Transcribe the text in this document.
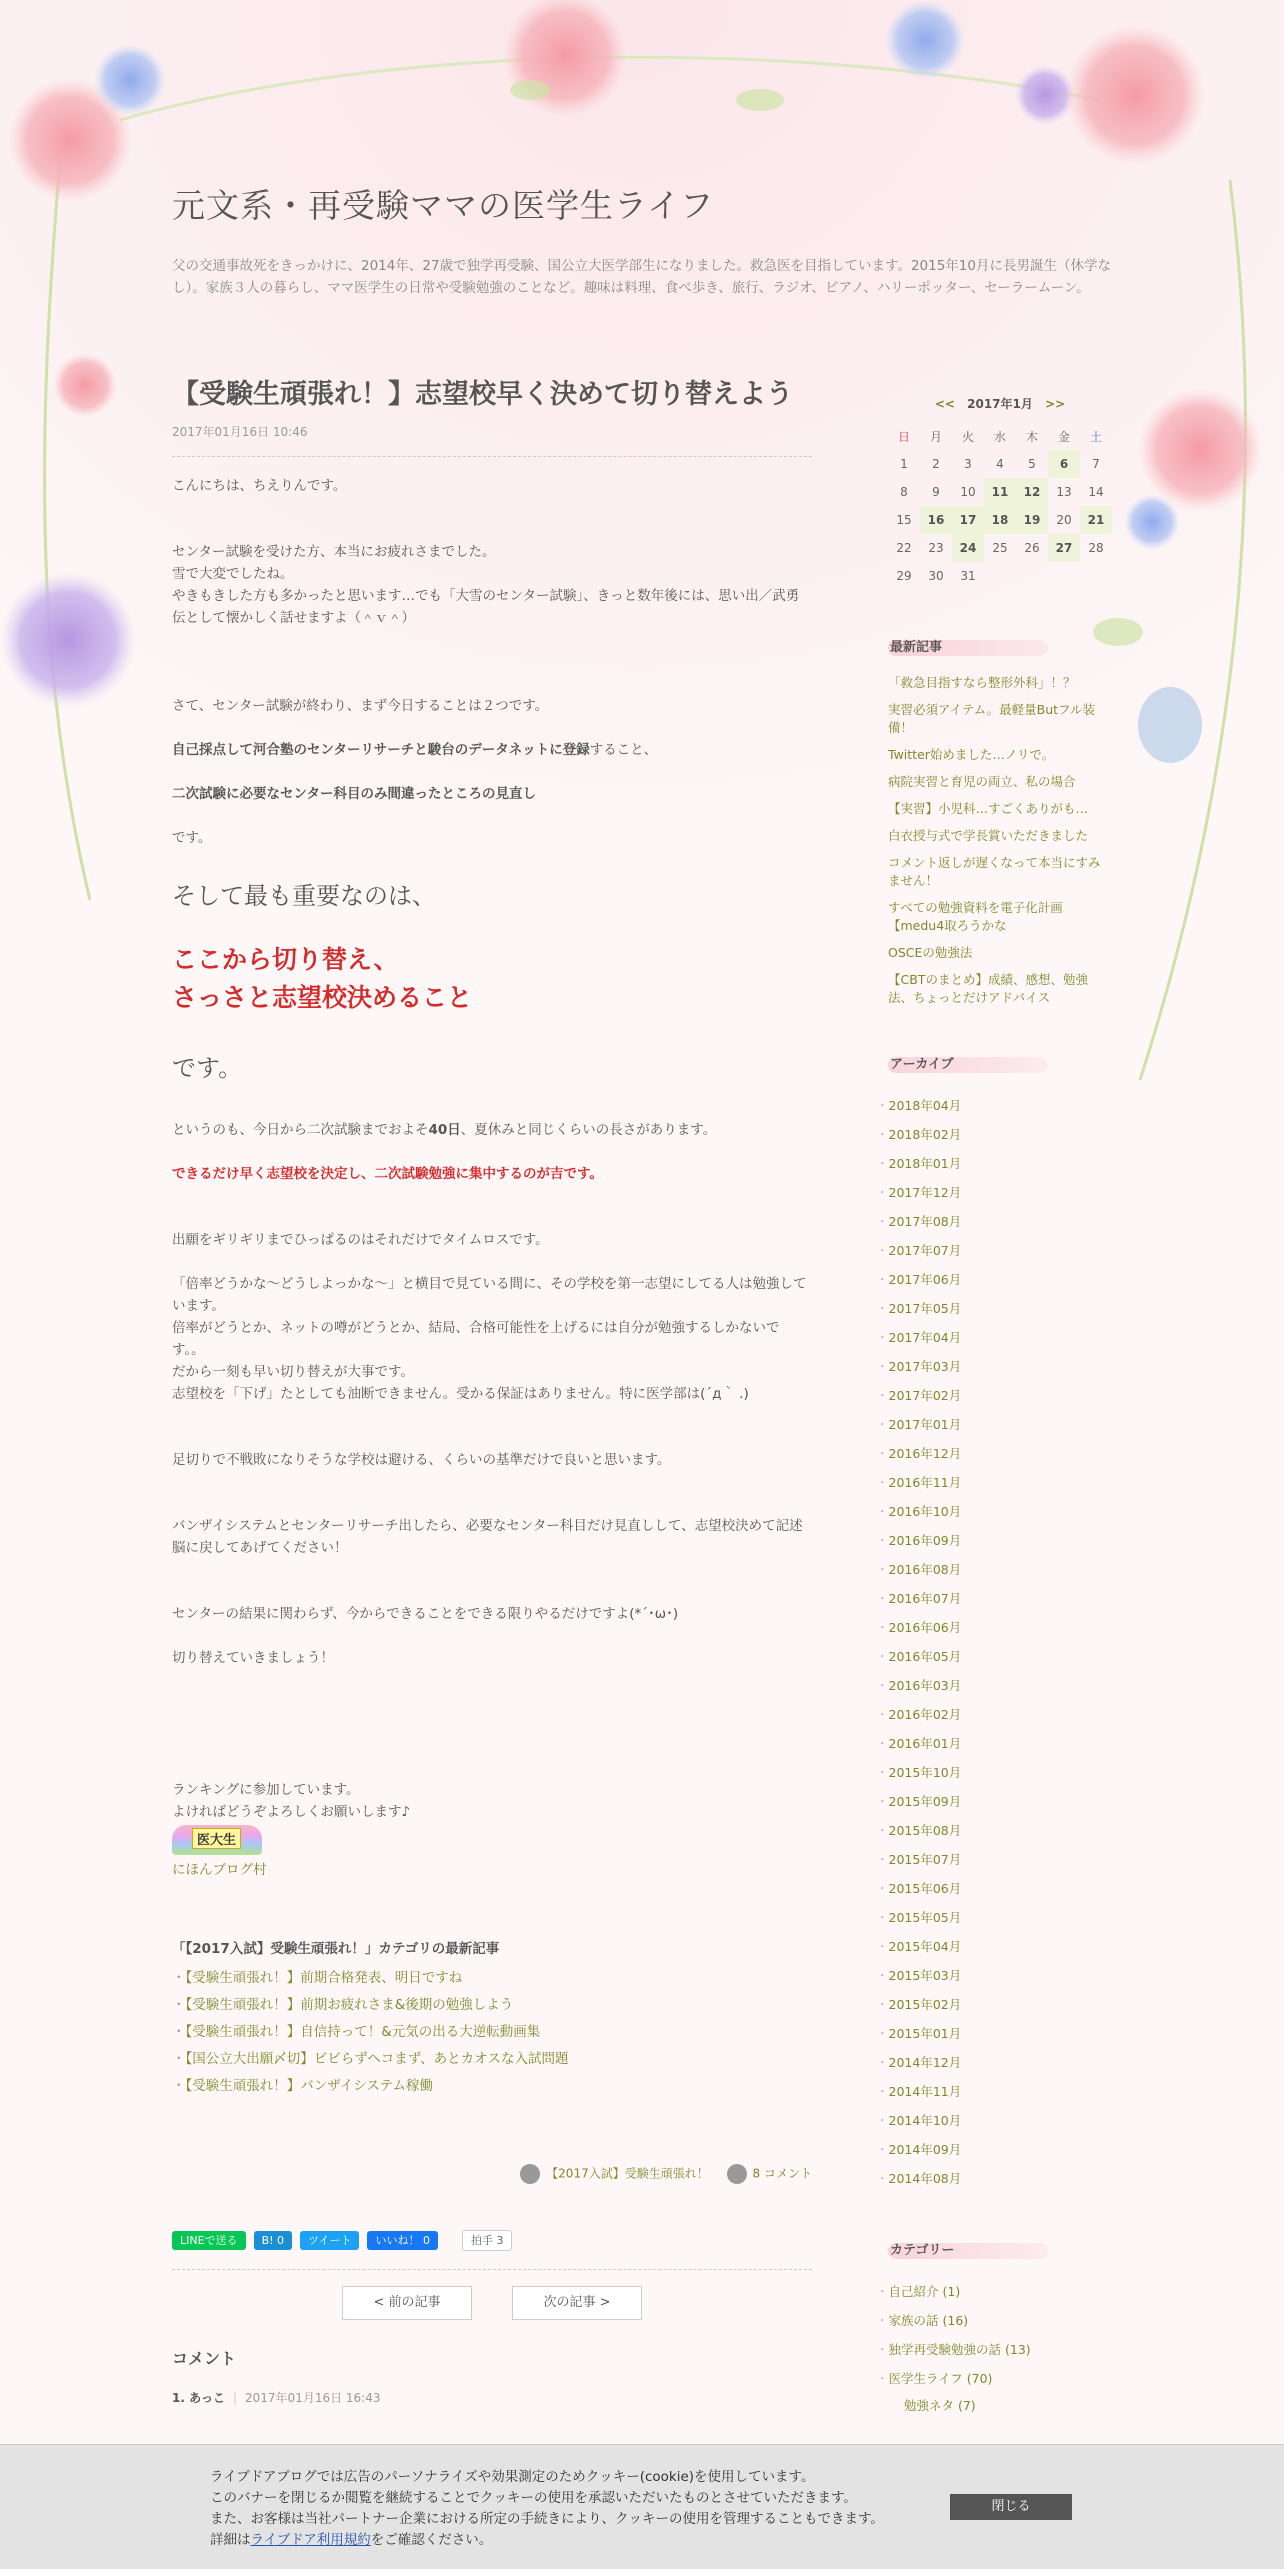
元文系・再受験ママの医学生ライフ
父の交通事故死をきっかけに、2014年、27歳で独学再受験、国公立大医学部生になりました。救急医を目指しています。2015年10月に長男誕生（休学なし）。家族３人の暮らし、ママ医学生の日常や受験勉強のことなど。趣味は料理、食べ歩き、旅行、ラジオ、ピアノ、ハリーポッター、セーラームーン。
【受験生頑張れ！】志望校早く決めて切り替えよう
2017年01月16日 10:46

こんにちは、ちえりんです。

センター試験を受けた方、本当にお疲れさまでした。

雪で大変でしたね。

やきもきした方も多かったと思います…でも「大雪のセンター試験」、きっと数年後には、思い出／武勇伝として懐かしく話せますよ（＾ｖ＾）

さて、センター試験が終わり、まず今日することは２つです。

自己採点して河合塾のセンターリサーチと駿台のデータネットに登録すること、

二次試験に必要なセンター科目のみ間違ったところの見直し

です。

そして最も重要なのは、

ここから切り替え、
さっさと志望校決めること

です。

というのも、今日から二次試験までおよそ40日、夏休みと同じくらいの長さがあります。

できるだけ早く志望校を決定し、二次試験勉強に集中するのが吉です。

出願をギリギリまでひっぱるのはそれだけでタイムロスです。

「倍率どうかな〜どうしよっかな〜」と横目で見ている間に、その学校を第一志望にしてる人は勉強しています。

倍率がどうとか、ネットの噂がどうとか、結局、合格可能性を上げるには自分が勉強するしかないです。。

だから一刻も早い切り替えが大事です。

志望校を「下げ」たとしても油断できません。受かる保証はありません。特に医学部は(´д｀ .)

足切りで不戦敗になりそうな学校は避ける、くらいの基準だけで良いと思います。

バンザイシステムとセンターリサーチ出したら、必要なセンター科目だけ見直しして、志望校決めて記述脳に戻してあげてください！

センターの結果に関わらず、今からできることをできる限りやるだけですよ(*´･ω･)

切り替えていきましょう！

ランキングに参加しています。

よければどうぞよろしくお願いします♪

医大生

にほんブログ村

「【2017入試】受験生頑張れ！」カテゴリの最新記事
・ 【受験生頑張れ！】前期合格発表、明日ですね
・ 【受験生頑張れ！】前期お疲れさま&後期の勉強しよう
・ 【受験生頑張れ！】自信持って！&元気の出る大逆転動画集
・ 【国公立大出願〆切】ビビらずヘコまず、あとカオスな入試問題
・ 【受験生頑張れ！】バンザイシステム稼働
【2017入試】受験生頑張れ！	8 コメント
LINEで送る	B! 0	ツイート	いいね！ 0	拍手 3
< 前の記事	次の記事 >
コメント
1. あっこ | 2017年01月16日 16:43
<< 2017年1月 >>
日	月	火	水	木	金	土
1	2	3	4	5	6	7
8	9	10	11	12	13	14
15	16	17	18	19	20	21
22	23	24	25	26	27	28
29	30	31				
最新記事
「救急目指すなら整形外科」！？
実習必須アイテム。最軽量Butフル装備！
Twitter始めました…ノリで。
病院実習と育児の両立、私の場合
【実習】小児科…すごくありがも…
白衣授与式で学長賞いただきました
コメント返しが遅くなって本当にすみません！
すべての勉強資料を電子化計画【medu4取ろうかな
OSCEの勉強法
【CBTのまとめ】成績、感想、勉強法、ちょっとだけアドバイス
アーカイブ
・ 2018年04月
・ 2018年02月
・ 2018年01月
・ 2017年12月
・ 2017年08月
・ 2017年07月
・ 2017年06月
・ 2017年05月
・ 2017年04月
・ 2017年03月
・ 2017年02月
・ 2017年01月
・ 2016年12月
・ 2016年11月
・ 2016年10月
・ 2016年09月
・ 2016年08月
・ 2016年07月
・ 2016年06月
・ 2016年05月
・ 2016年03月
・ 2016年02月
・ 2016年01月
・ 2015年10月
・ 2015年09月
・ 2015年08月
・ 2015年07月
・ 2015年06月
・ 2015年05月
・ 2015年04月
・ 2015年03月
・ 2015年02月
・ 2015年01月
・ 2014年12月
・ 2014年11月
・ 2014年10月
・ 2014年09月
・ 2014年08月
カテゴリー
・ 自己紹介 (1)
・ 家族の話 (16)
・ 独学再受験勉強の話 (13)
・ 医学生ライフ (70)
勉強ネタ (7)
ライブドアブログでは広告のパーソナライズや効果測定のためクッキー(cookie)を使用しています。
このバナーを閉じるか閲覧を継続することでクッキーの使用を承認いただいたものとさせていただきます。
また、お客様は当社パートナー企業における所定の手続きにより、クッキーの使用を管理することもできます。
詳細はライブドア利用規約をご確認ください。
閉じる
